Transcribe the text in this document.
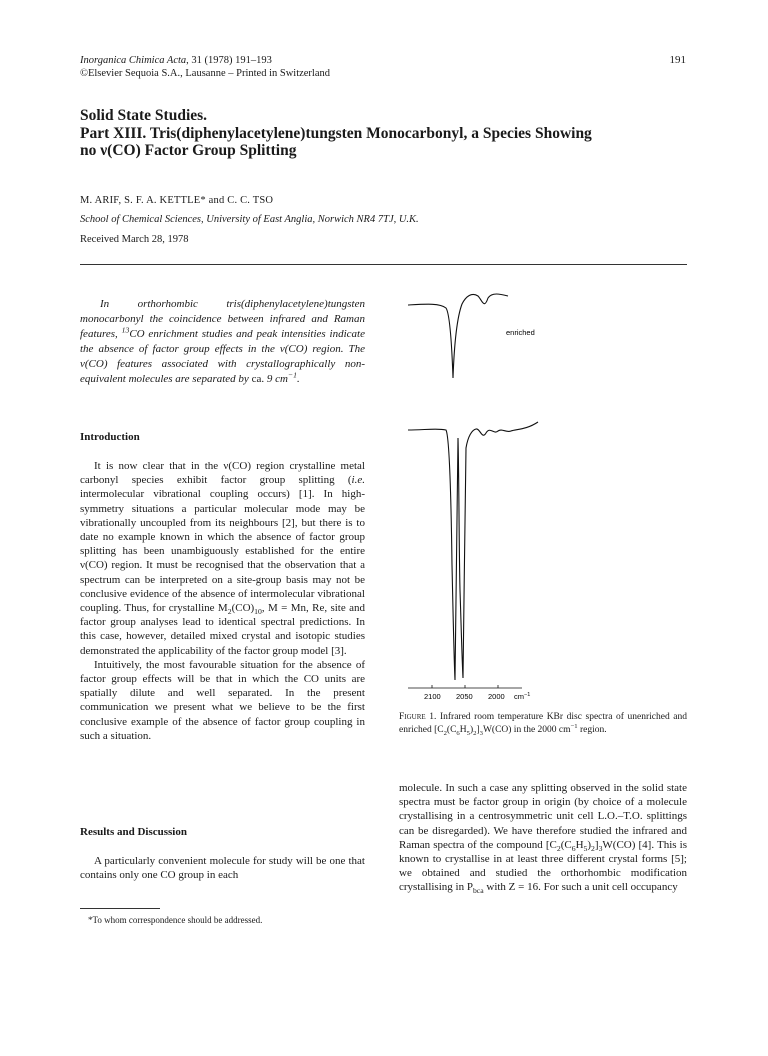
Inorganica Chimica Acta, 31 (1978) 191–193
©Elsevier Sequoia S.A., Lausanne – Printed in Switzerland
191
Solid State Studies.
Part XIII. Tris(diphenylacetylene)tungsten Monocarbonyl, a Species Showing
no ν(CO) Factor Group Splitting
M. ARIF, S. F. A. KETTLE* and C. C. TSO
School of Chemical Sciences, University of East Anglia, Norwich NR4 7TJ, U.K.
Received March 28, 1978

In orthorhombic tris(diphenylacetylene)tungsten monocarbonyl the coincidence between infrared and Raman features, $^{13}$CO enrichment studies and peak intensities indicate the absence of factor group effects in the ν(CO) region. The ν(CO) features associated with crystallographically non-equivalent molecules are separated by ca. 9 $cm^{-1}$.

Introduction

It is now clear that in the ν(CO) region crystalline metal carbonyl species exhibit factor group splitting (i.e. intermolecular vibrational coupling occurs) [1]. In high-symmetry situations a particular molecular mode may be vibrationally uncoupled from its neighbours [2], but there is to date no example known in which the absence of factor group splitting has been unambiguously established for the entire ν(CO) region. It must be recognised that the observation that a spectrum can be interpreted on a site-group basis may not be conclusive evidence of the absence of intermolecular vibrational coupling. Thus, for crystalline $M_2(CO)_{10}$, M = Mn, Re, site and factor group analyses lead to identical spectral predictions. In this case, however, detailed mixed crystal and isotopic studies demonstrated the applicability of the factor group model [3].

Intuitively, the most favourable situation for the absence of factor group effects will be that in which the CO units are spatially dilute and well separated. In the present communication we present what we believe to be the first conclusive example of the absence of factor group coupling in such a situation.

Results and Discussion

A particularly convenient molecule for study will be one that contains only one CO group in each

*To whom correspondence should be addressed.
enriched
2100 2050 2000 $cm^{-1}$
Figure 1. Infrared room temperature KBr disc spectra of unenriched and enriched $[C_2(C_6H_5)_2]_3W(CO)$ in the 2000 $cm^{-1}$ region.

molecule. In such a case any splitting observed in the solid state spectra must be factor group in origin (by choice of a molecule crystallising in a centrosymmetric unit cell L.O.–T.O. splittings can be disregarded). We have therefore studied the infrared and Raman spectra of the compound $[C_2(C_6H_5)_2]_3W(CO)$ [4]. This is known to crystallise in at least three different crystal forms [5]; we obtained and studied the orthorhombic modification crystallising in $P_{bca}$ with Z = 16. For such a unit cell occupancy
